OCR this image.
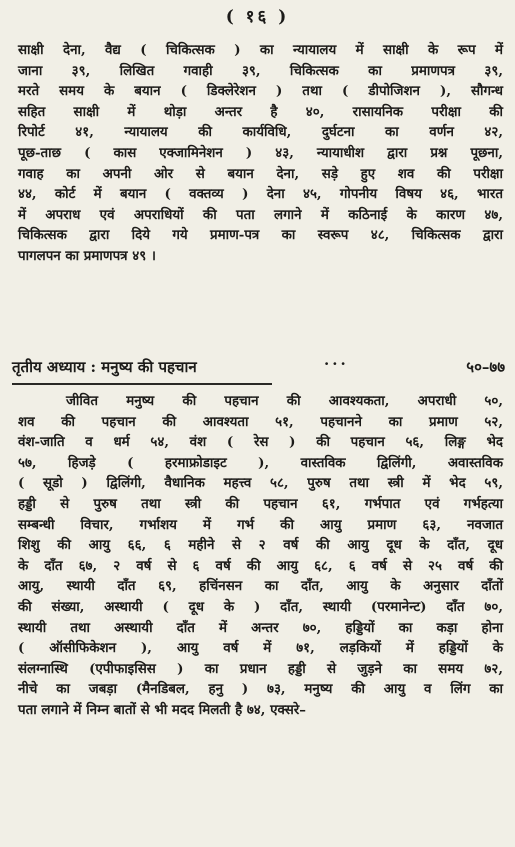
( १६ )
साक्षी देना, वैद्य ( चिकित्सक ) का न्यायालय में साक्षी के रूप में
जाना ३९, लिखित गवाही ३९, चिकित्सक का प्रमाणपत्र ३९,
मरते समय के बयान ( डिक्लेरेशन ) तथा ( डीपोजिशन ), सौगन्ध
सहित साक्षी में थोड़ा अन्तर है ४०, रासायनिक परीक्षा की
रिपोर्ट ४१, न्यायालय की कार्यविधि, दुर्घटना का वर्णन ४२,
पूछ-ताछ ( कास एक्जामिनेशन ) ४३, न्यायाधीश द्वारा प्रश्न पूछना,
गवाह का अपनी ओर से बयान देना, सड़े हुए शव की परीक्षा
४४, कोर्ट में बयान ( वक्तव्य ) देना ४५, गोपनीय विषय ४६, भारत
में अपराध एवं अपराधियों की पता लगाने में कठिनाई के कारण ४७,
चिकित्सक द्वारा दिये गये प्रमाण-पत्र का स्वरूप ४८, चिकित्सक द्वारा
पागलपन का प्रमाणपत्र ४९ ।
तृतीय अध्याय : मनुष्य की पहचान	···	५०–७७
जीवित मनुष्य की पहचान की आवश्यकता, अपराधी ५०,
शव की पहचान की आवश्यता ५१, पहचानने का प्रमाण ५२,
वंश-जाति व धर्म ५४, वंश ( रेस ) की पहचान ५६, लिङ्ग भेद
५७, हिजड़े ( हरमाफ्रोडाइट ), वास्तविक द्विलिंगी, अवास्तविक
( सूडो ) द्विलिंगी, वैधानिक महत्त्व ५८, पुरुष तथा स्त्री में भेद ५९,
हड्डी से पुरुष तथा स्त्री की पहचान ६१, गर्भपात एवं गर्भहत्या
सम्बन्धी विचार, गर्भाशय में गर्भ की आयु प्रमाण ६३, नवजात
शिशु की आयु ६६, ६ महीने से २ वर्ष की आयु दूध के दाँत, दूध
के दाँत ६७, २ वर्ष से ६ वर्ष की आयु ६८, ६ वर्ष से २५ वर्ष की
आयु, स्थायी दाँत ६९, हचिंनसन का दाँत, आयु के अनुसार दाँतों
की संख्या, अस्थायी ( दूध के ) दाँत, स्थायी (परमानेन्ट) दाँत ७०,
स्थायी तथा अस्थायी दाँत में अन्तर ७०, हड्डियों का कड़ा होना
( ऑसीफिकेशन ), आयु वर्ष में ७१, लड़कियों में हड्डियों के
संलग्नास्थि (एपीफाइसिस ) का प्रधान हड्डी से जुड़ने का समय ७२,
नीचे का जबड़ा (मैनडिबल, हनु ) ७३, मनुष्य की आयु व लिंग का
पता लगाने में निम्न बातों से भी मदद मिलती है ७४, एक्सरे–
